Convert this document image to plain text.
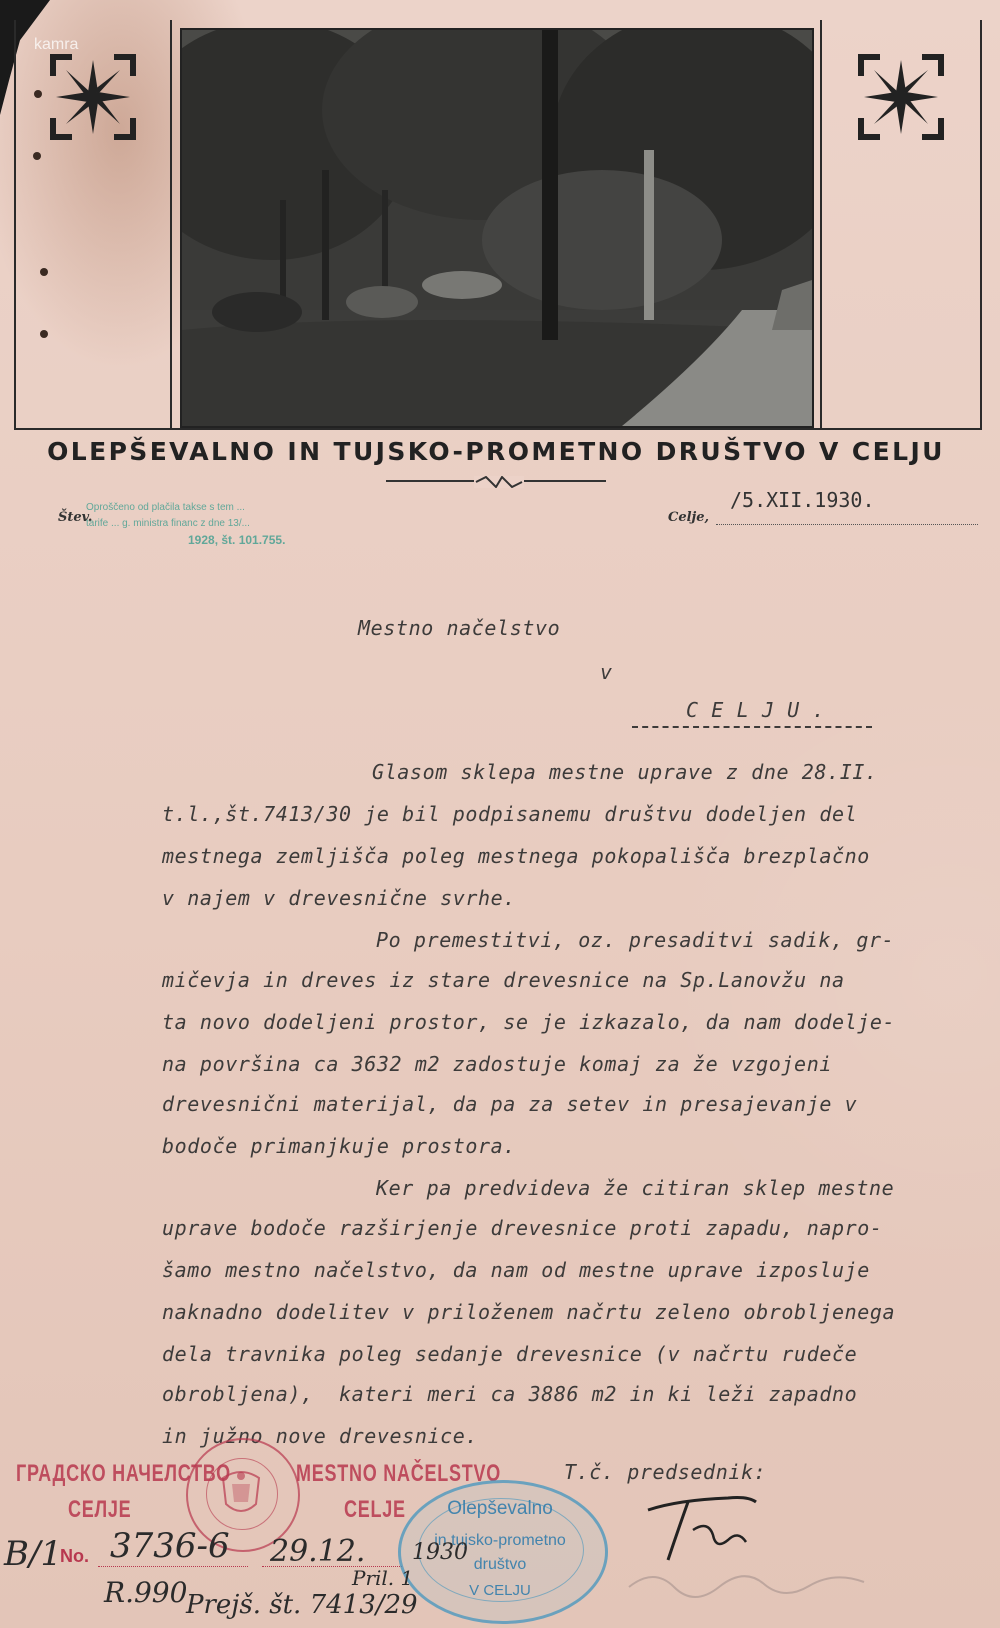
kamra
OLEPŠEVALNO IN TUJSKO-PROMETNO DRUŠTVO V CELJU
Štev.
Oproščeno od plačila takse s tem ...
tarife ... g. ministra financ z dne 13/...
1928, št. 101.755.
Celje,
/5.XII.1930.
Mestno načelstvo
v
C E L J U .
Glasom sklepa mestne uprave z dne 28.II.
t.l.,št.7413/30 je bil podpisanemu društvu dodeljen del
mestnega zemljišča poleg mestnega pokopališča brezplačno
v najem v drevesnične svrhe.
Po premestitvi, oz. presaditvi sadik, gr-
mičevja in dreves iz stare drevesnice na Sp.Lanovžu na
ta novo dodeljeni prostor, se je izkazalo, da nam dodelje-
na površina ca 3632 m2 zadostuje komaj za že vzgojeni
drevesnični materijal, da pa za setev in presajevanje v
bodoče primanjkuje prostora.
Ker pa predvideva že citiran sklep mestne
uprave bodoče razširjenje drevesnice proti zapadu, napro-
šamo mestno načelstvo, da nam od mestne uprave izposluje
naknadno dodelitev v priloženem načrtu zeleno obrobljenega
dela travnika poleg sedanje drevesnice (v načrtu rudeče
obrobljena),  kateri meri ca 3886 m2 in ki leži zapadno
in južno nove drevesnice.
T.č. predsednik:
ГРАДСКО НАЧЕЛСТВО
CЕЛJЕ
MESTNO NAČELSTVO
CELJE
No.
Olepševalno
in tujsko-prometno
društvo
V CELJU
B/1 3736-6 29.12. 1930
R.990	Pril. 1
Prejš. št. 7413/29
